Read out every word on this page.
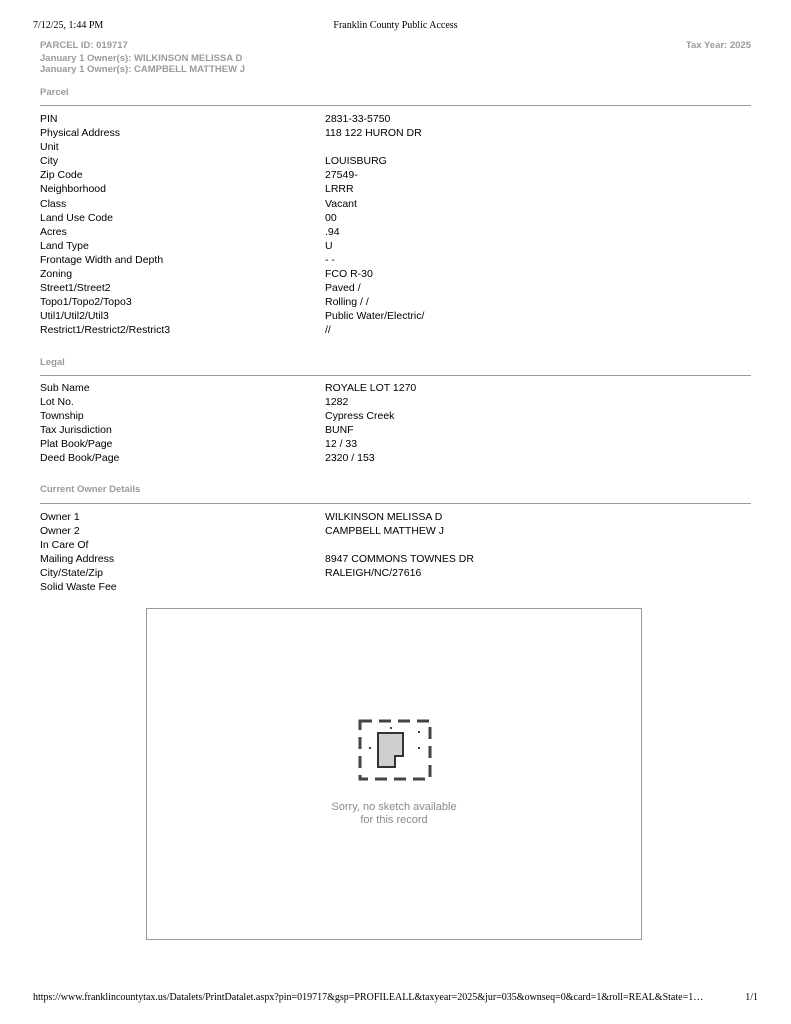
7/12/25, 1:44 PM	Franklin County Public Access
PARCEL ID: 019717
January 1 Owner(s): WILKINSON MELISSA D
January 1 Owner(s): CAMPBELL MATTHEW J
Tax Year: 2025
Parcel
PIN	2831-33-5750
Physical Address	118 122 HURON DR
Unit
City	LOUISBURG
Zip Code	27549-
Neighborhood	LRRR
Class	Vacant
Land Use Code	00
Acres	.94
Land Type	U
Frontage Width and Depth	- -
Zoning	FCO R-30
Street1/Street2	Paved /
Topo1/Topo2/Topo3	Rolling / /
Util1/Util2/Util3	Public Water/Electric/
Restrict1/Restrict2/Restrict3	//
Legal
Sub Name	ROYALE LOT 1270
Lot No.	1282
Township	Cypress Creek
Tax Jurisdiction	BUNF
Plat Book/Page	12 / 33
Deed Book/Page	2320 / 153
Current Owner Details
Owner 1	WILKINSON MELISSA D
Owner 2	CAMPBELL MATTHEW J
In Care Of
Mailing Address	8947 COMMONS TOWNES DR
City/State/Zip	RALEIGH/NC/27616
Solid Waste Fee
Sorry, no sketch available
for this record
https://www.franklincountytax.us/Datalets/PrintDatalet.aspx?pin=019717&gsp=PROFILEALL&taxyear=2025&jur=035&ownseq=0&card=1&roll=REAL&State=1…	1/1
